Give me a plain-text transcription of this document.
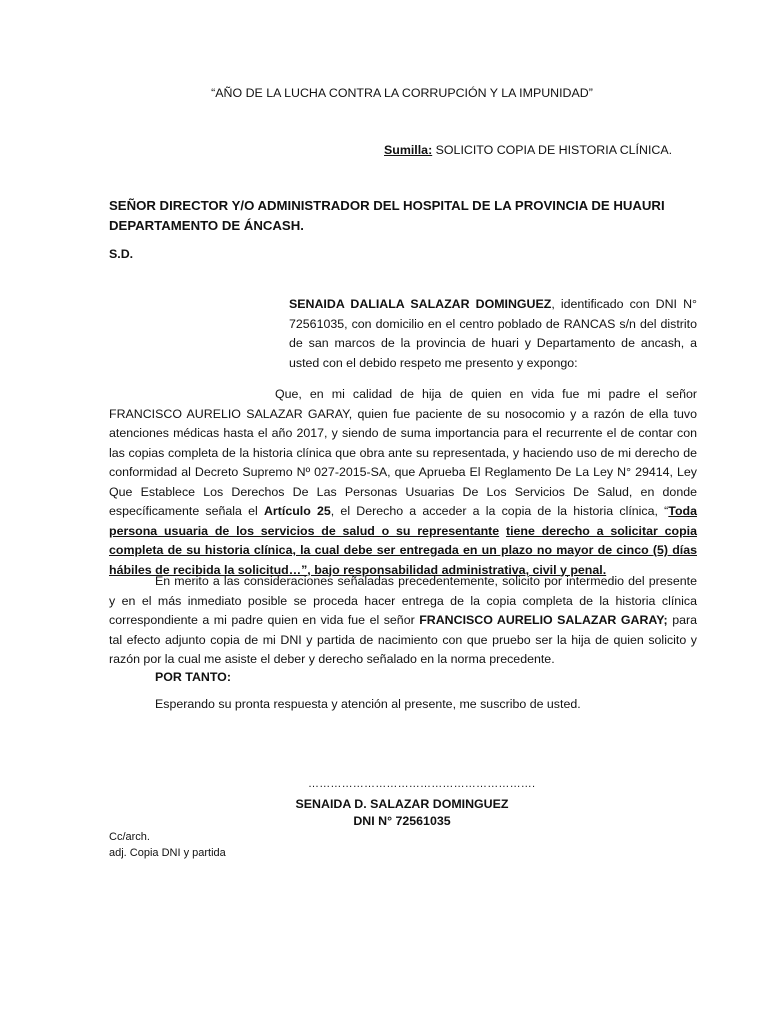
“AÑO DE LA LUCHA CONTRA LA CORRUPCIÓN Y LA IMPUNIDAD”
Sumilla: SOLICITO COPIA DE HISTORIA CLÍNICA.
SEÑOR DIRECTOR Y/O ADMINISTRADOR DEL HOSPITAL DE LA PROVINCIA DE HUAURI DEPARTAMENTO DE ÁNCASH.
S.D.
SENAIDA DALIALA SALAZAR DOMINGUEZ, identificado con DNI N° 72561035, con domicilio en el centro poblado de RANCAS s/n del distrito de san marcos de la provincia de huari y Departamento de ancash, a usted con el debido respeto me presento y expongo:
Que, en mi calidad de hija de quien en vida fue mi padre el señor FRANCISCO AURELIO SALAZAR GARAY, quien fue paciente de su nosocomio y a razón de ella tuvo atenciones médicas hasta el año 2017, y siendo de suma importancia para el recurrente el de contar con las copias completa de la historia clínica que obra ante su representada, y haciendo uso de mi derecho de conformidad al Decreto Supremo Nº 027-2015-SA, que Aprueba El Reglamento De La Ley N° 29414, Ley Que Establece Los Derechos De Las Personas Usuarias De Los Servicios De Salud, en donde específicamente señala el Artículo 25, el Derecho a acceder a la copia de la historia clínica, “Toda persona usuaria de los servicios de salud o su representante tiene derecho a solicitar copia completa de su historia clínica, la cual debe ser entregada en un plazo no mayor de cinco (5) días hábiles de recibida la solicitud…”, bajo responsabilidad administrativa, civil y penal.
En merito a las consideraciones señaladas precedentemente, solicito por intermedio del presente y en el más inmediato posible se proceda hacer entrega de la copia completa de la historia clínica correspondiente a mi padre quien en vida fue el señor FRANCISCO AURELIO SALAZAR GARAY; para tal efecto adjunto copia de mi DNI y partida de nacimiento con que pruebo ser la hija de quien solicito y razón por la cual me asiste el deber y derecho señalado en la norma precedente.
POR TANTO:
Esperando su pronta respuesta y atención al presente, me suscribo de usted.
…………………………………………………….
SENAIDA D. SALAZAR DOMINGUEZ
DNI N° 72561035
Cc/arch.
adj. Copia DNI y partida
